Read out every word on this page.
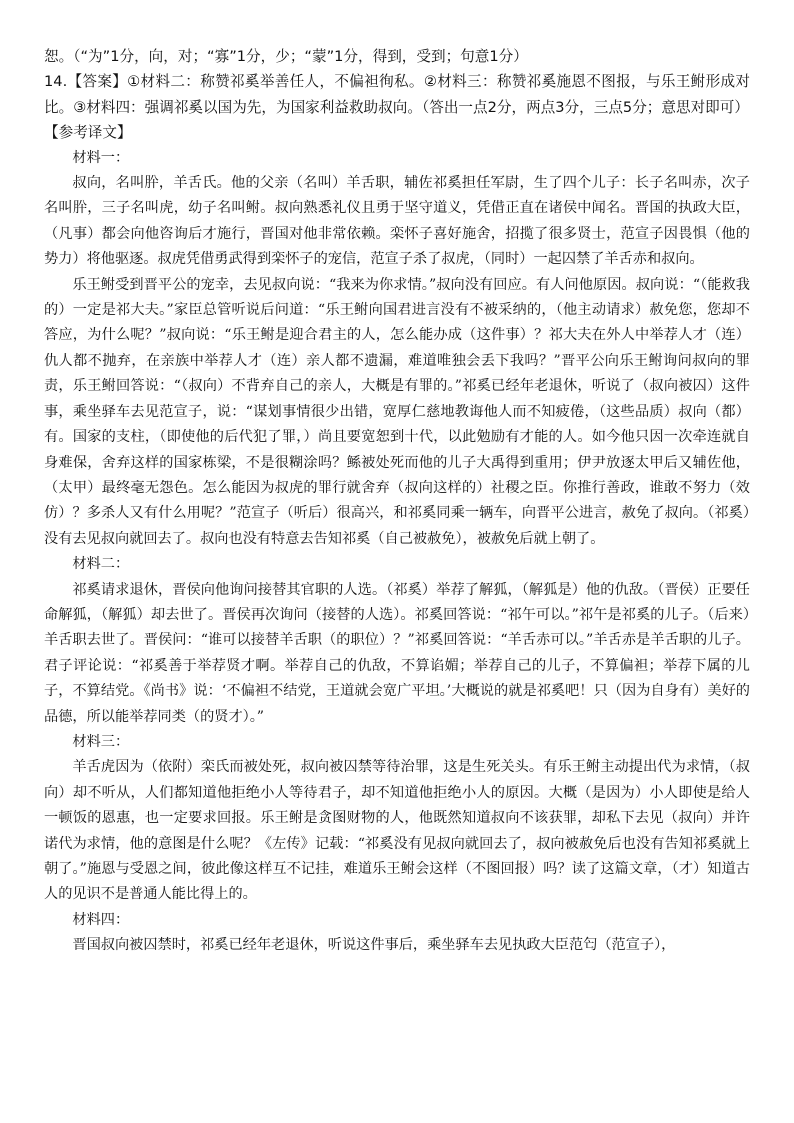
恕。（“为”1分，向，对；“寡”1分，少；“蒙”1分，得到，受到；句意1分）

14.【答案】①材料二：称赞祁奚举善任人，不偏袒徇私。②材料三：称赞祁奚施恩不图报，与乐王鲋形成对比。③材料四：强调祁奚以国为先，为国家利益救助叔向。（答出一点2分，两点3分，三点5分；意思对即可）

【参考译文】

材料一：

叔向，名叫肸，羊舌氏。他的父亲（名叫）羊舌职，辅佐祁奚担任军尉，生了四个儿子：长子名叫赤，次子名叫肸，三子名叫虎，幼子名叫鲋。叔向熟悉礼仪且勇于坚守道义，凭借正直在诸侯中闻名。晋国的执政大臣，（凡事）都会向他咨询后才施行，晋国对他非常依赖。栾怀子喜好施舍，招揽了很多贤士，范宣子因畏惧（他的势力）将他驱逐。叔虎凭借勇武得到栾怀子的宠信，范宣子杀了叔虎，（同时）一起囚禁了羊舌赤和叔向。

乐王鲋受到晋平公的宠幸，去见叔向说：“我来为你求情。”叔向没有回应。有人问他原因。叔向说：“（能救我的）一定是祁大夫。”家臣总管听说后问道：“乐王鲋向国君进言没有不被采纳的，（他主动请求）赦免您，您却不答应，为什么呢？”叔向说：“乐王鲋是迎合君主的人，怎么能办成（这件事）？祁大夫在外人中举荐人才（连）仇人都不抛弃，在亲族中举荐人才（连）亲人都不遗漏，难道唯独会丢下我吗？”晋平公向乐王鲋询问叔向的罪责，乐王鲋回答说：“（叔向）不背弃自己的亲人，大概是有罪的。”祁奚已经年老退休，听说了（叔向被囚）这件事，乘坐驿车去见范宣子，说：“谋划事情很少出错，宽厚仁慈地教诲他人而不知疲倦，（这些品质）叔向（都）有。国家的支柱，（即使他的后代犯了罪，）尚且要宽恕到十代，以此勉励有才能的人。如今他只因一次牵连就自身难保，舍弃这样的国家栋梁，不是很糊涂吗？鲧被处死而他的儿子大禹得到重用；伊尹放逐太甲后又辅佐他，（太甲）最终毫无怨色。怎么能因为叔虎的罪行就舍弃（叔向这样的）社稷之臣。你推行善政，谁敢不努力（效仿）？多杀人又有什么用呢？”范宣子（听后）很高兴，和祁奚同乘一辆车，向晋平公进言，赦免了叔向。（祁奚）没有去见叔向就回去了。叔向也没有特意去告知祁奚（自己被赦免），被赦免后就上朝了。

材料二：

祁奚请求退休，晋侯向他询问接替其官职的人选。（祁奚）举荐了解狐，（解狐是）他的仇敌。（晋侯）正要任命解狐，（解狐）却去世了。晋侯再次询问（接替的人选）。祁奚回答说：“祁午可以。”祁午是祁奚的儿子。（后来）羊舌职去世了。晋侯问：“谁可以接替羊舌职（的职位）？”祁奚回答说：“羊舌赤可以。”羊舌赤是羊舌职的儿子。君子评论说：“祁奚善于举荐贤才啊。举荐自己的仇敌，不算谄媚；举荐自己的儿子，不算偏袒；举荐下属的儿子，不算结党。《尚书》说：‘不偏袒不结党，王道就会宽广平坦。’大概说的就是祁奚吧！只（因为自身有）美好的品德，所以能举荐同类（的贤才）。”

材料三：

羊舌虎因为（依附）栾氏而被处死，叔向被囚禁等待治罪，这是生死关头。有乐王鲋主动提出代为求情，（叔向）却不听从，人们都知道他拒绝小人等待君子，却不知道他拒绝小人的原因。大概（是因为）小人即使是给人一顿饭的恩惠，也一定要求回报。乐王鲋是贪图财物的人，他既然知道叔向不该获罪，却私下去见（叔向）并许诺代为求情，他的意图是什么呢？《左传》记载：“祁奚没有见叔向就回去了，叔向被赦免后也没有告知祁奚就上朝了。”施恩与受恩之间，彼此像这样互不记挂，难道乐王鲋会这样（不图回报）吗？读了这篇文章，（才）知道古人的见识不是普通人能比得上的。

材料四：

晋国叔向被囚禁时，祁奚已经年老退休，听说这件事后，乘坐驿车去见执政大臣范匄（范宣子），
